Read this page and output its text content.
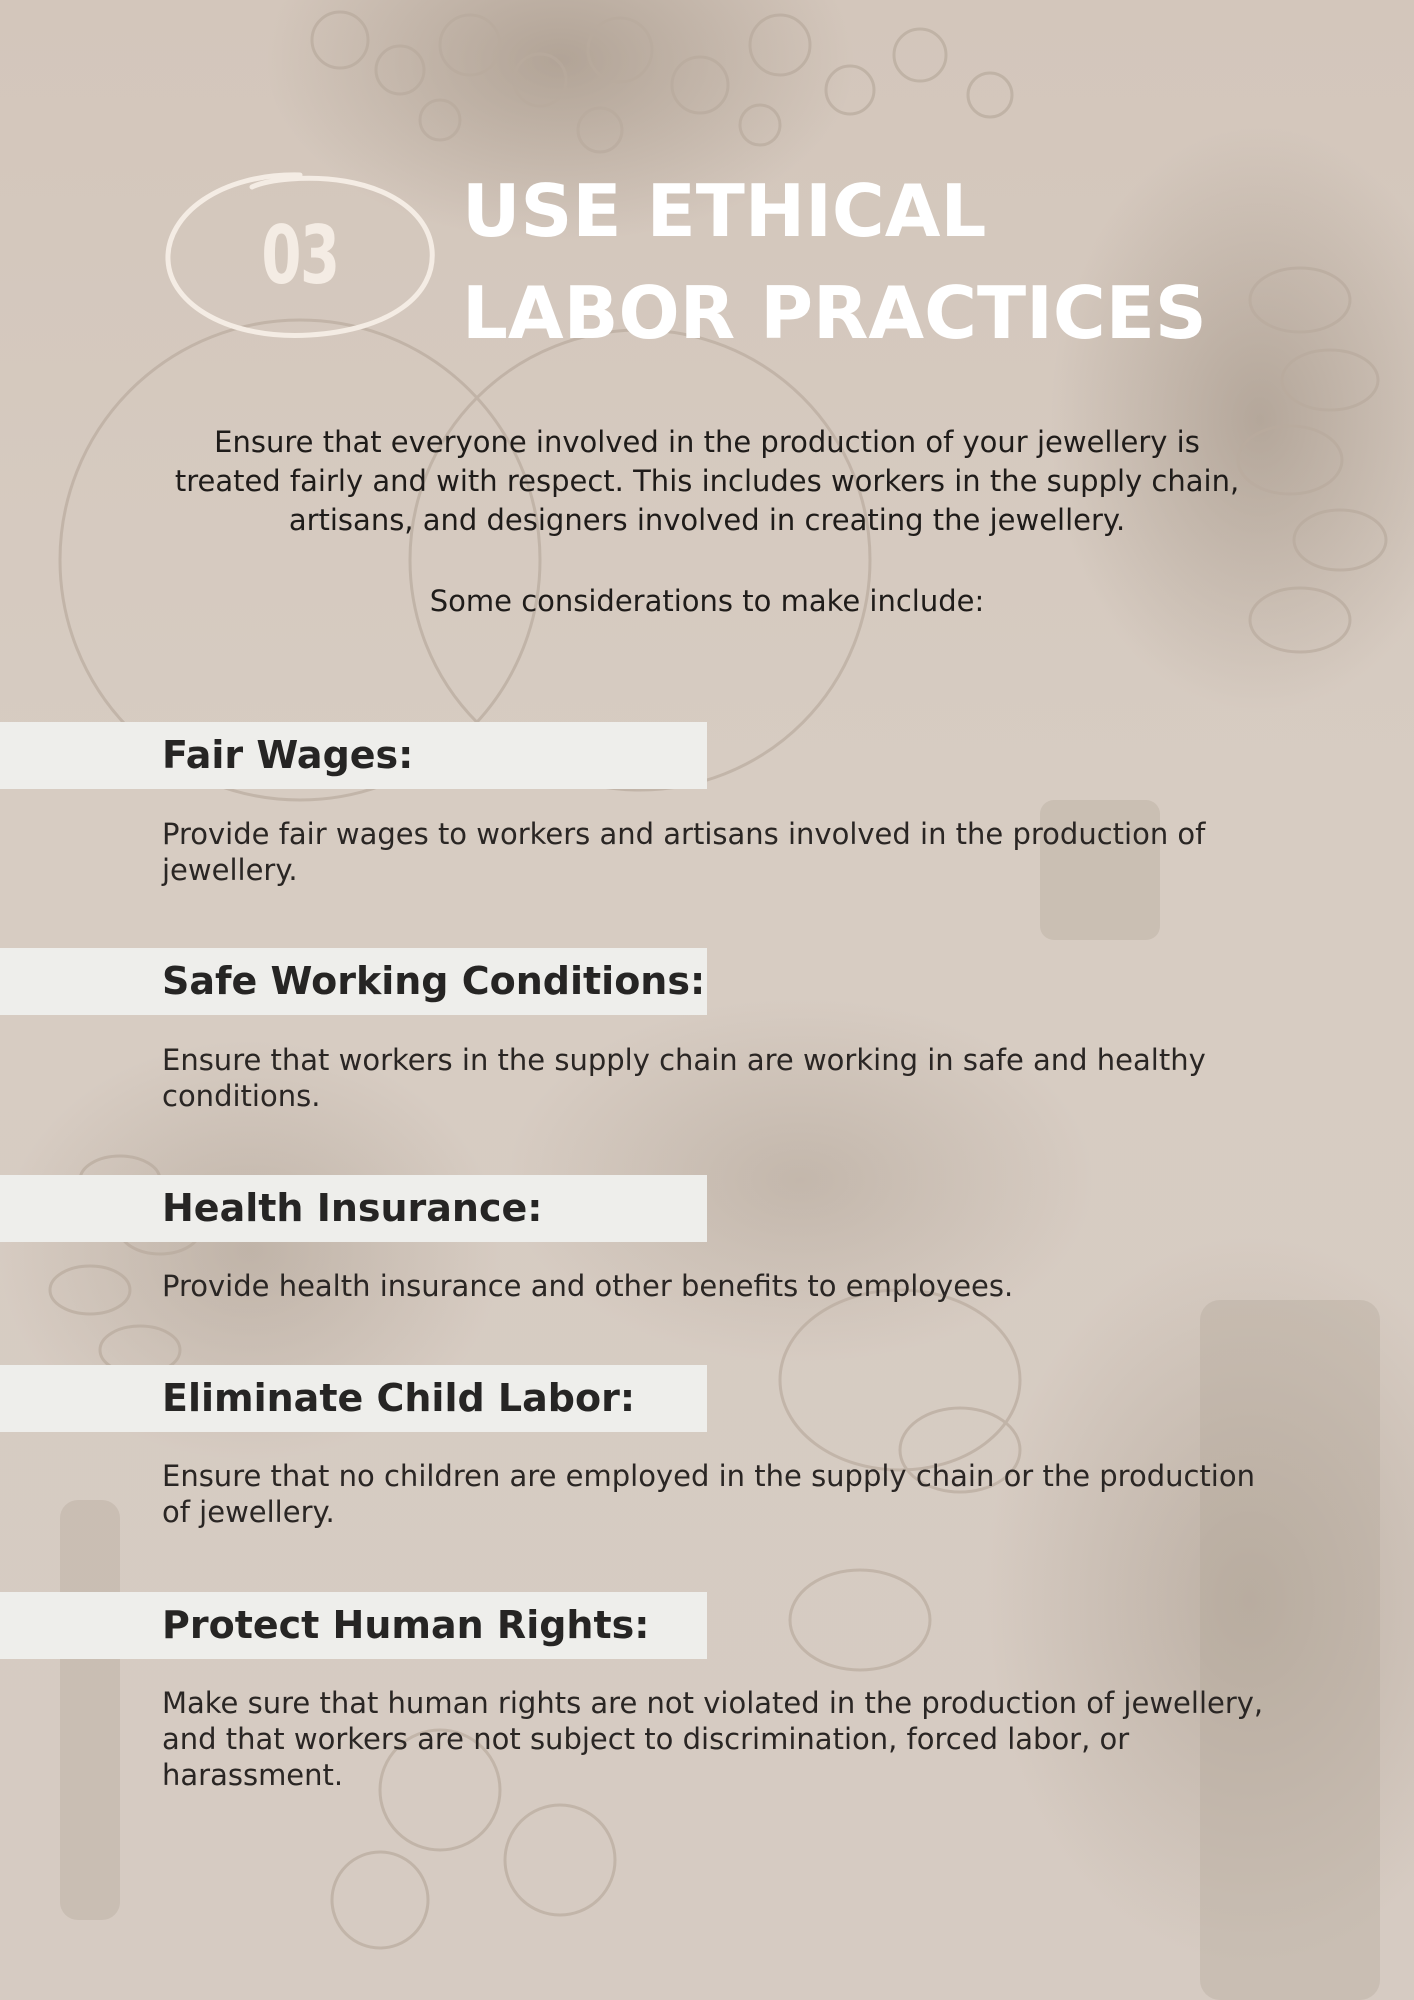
03	USE ETHICAL LABOR PRACTICES

Ensure that everyone involved in the production of your jewellery is treated fairly and with respect. This includes workers in the supply chain, artisans, and designers involved in creating the jewellery.

Some considerations to make include:

Fair Wages:

Provide fair wages to workers and artisans involved in the production of jewellery.

Safe Working Conditions:

Ensure that workers in the supply chain are working in safe and healthy conditions.

Health Insurance:

Provide health insurance and other benefits to employees.

Eliminate Child Labor:

Ensure that no children are employed in the supply chain or the production of jewellery.

Protect Human Rights:

Make sure that human rights are not violated in the production of jewellery, and that workers are not subject to discrimination, forced labor, or harassment.
